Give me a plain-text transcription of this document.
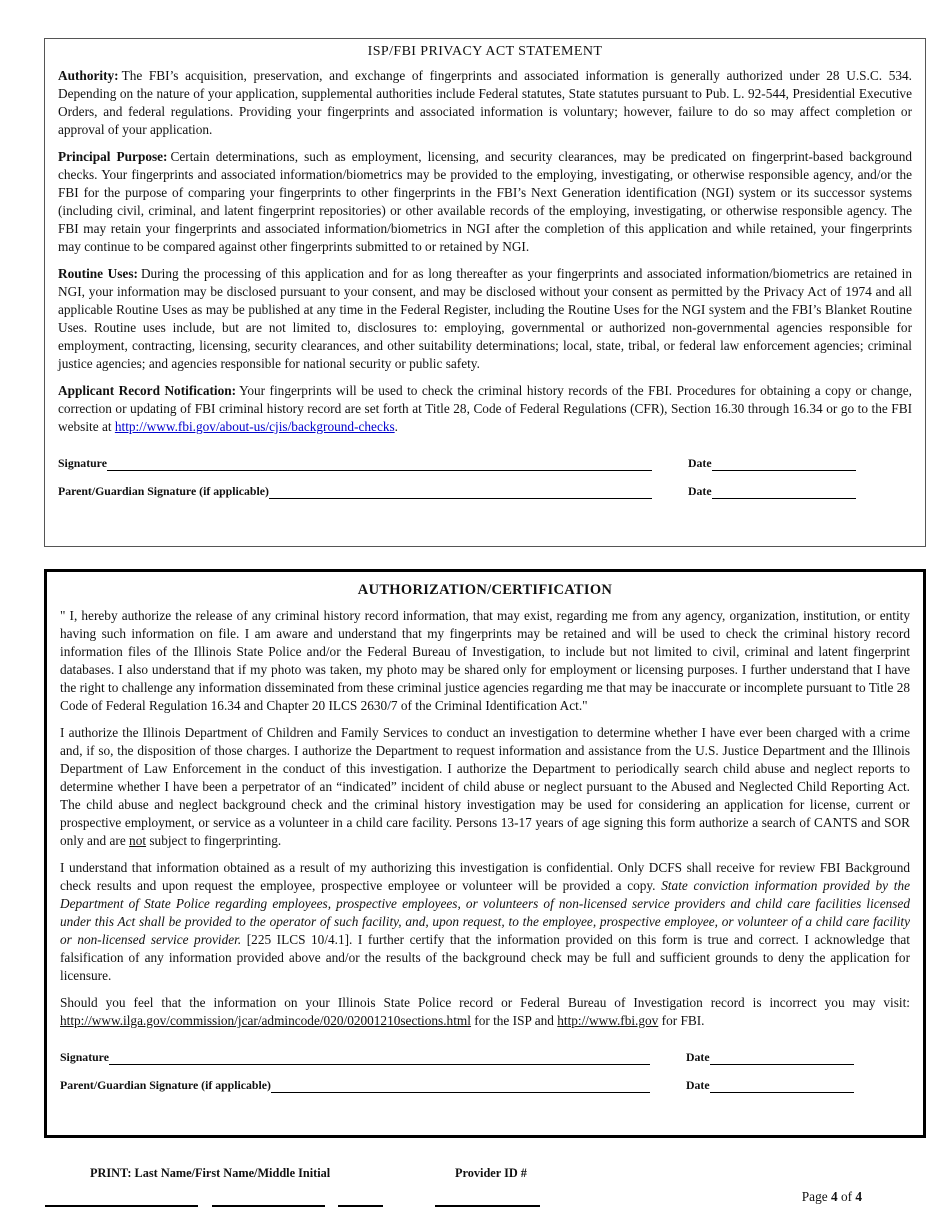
ISP/FBI PRIVACY ACT STATEMENT

Authority: The FBI’s acquisition, preservation, and exchange of fingerprints and associated information is generally authorized under 28 U.S.C. 534. Depending on the nature of your application, supplemental authorities include Federal statutes, State statutes pursuant to Pub. L. 92-544, Presidential Executive Orders, and federal regulations. Providing your fingerprints and associated information is voluntary; however, failure to do so may affect completion or approval of your application.

Principal Purpose: Certain determinations, such as employment, licensing, and security clearances, may be predicated on fingerprint-based background checks. Your fingerprints and associated information/biometrics may be provided to the employing, investigating, or otherwise responsible agency, and/or the FBI for the purpose of comparing your fingerprints to other fingerprints in the FBI’s Next Generation identification (NGI) system or its successor systems (including civil, criminal, and latent fingerprint repositories) or other available records of the employing, investigating, or otherwise responsible agency. The FBI may retain your fingerprints and associated information/biometrics in NGI after the completion of this application and while retained, your fingerprints may continue to be compared against other fingerprints submitted to or retained by NGI.

Routine Uses: During the processing of this application and for as long thereafter as your fingerprints and associated information/biometrics are retained in NGI, your information may be disclosed pursuant to your consent, and may be disclosed without your consent as permitted by the Privacy Act of 1974 and all applicable Routine Uses as may be published at any time in the Federal Register, including the Routine Uses for the NGI system and the FBI’s Blanket Routine Uses. Routine uses include, but are not limited to, disclosures to: employing, governmental or authorized non-governmental agencies responsible for employment, contracting, licensing, security clearances, and other suitability determinations; local, state, tribal, or federal law enforcement agencies; criminal justice agencies; and agencies responsible for national security or public safety.

Applicant Record Notification: Your fingerprints will be used to check the criminal history records of the FBI. Procedures for obtaining a copy or change, correction or updating of FBI criminal history record are set forth at Title 28, Code of Federal Regulations (CFR), Section 16.30 through 16.34 or go to the FBI website at http://www.fbi.gov/about-us/cjis/background-checks.

Signature	Date
Parent/Guardian Signature (if applicable)	Date
AUTHORIZATION/CERTIFICATION

" I, hereby authorize the release of any criminal history record information, that may exist, regarding me from any agency, organization, institution, or entity having such information on file. I am aware and understand that my fingerprints may be retained and will be used to check the criminal history record information files of the Illinois State Police and/or the Federal Bureau of Investigation, to include but not limited to civil, criminal and latent fingerprint databases. I also understand that if my photo was taken, my photo may be shared only for employment or licensing purposes. I further understand that I have the right to challenge any information disseminated from these criminal justice agencies regarding me that may be inaccurate or incomplete pursuant to Title 28 Code of Federal Regulation 16.34 and Chapter 20 ILCS 2630/7 of the Criminal Identification Act."

I authorize the Illinois Department of Children and Family Services to conduct an investigation to determine whether I have ever been charged with a crime and, if so, the disposition of those charges. I authorize the Department to request information and assistance from the U.S. Justice Department and the Illinois Department of Law Enforcement in the conduct of this investigation. I authorize the Department to periodically search child abuse and neglect reports to determine whether I have been a perpetrator of an “indicated” incident of child abuse or neglect pursuant to the Abused and Neglected Child Reporting Act. The child abuse and neglect background check and the criminal history investigation may be used for considering an application for license, current or prospective employment, or service as a volunteer in a child care facility. Persons 13-17 years of age signing this form authorize a search of CANTS and SOR only and are not subject to fingerprinting.

I understand that information obtained as a result of my authorizing this investigation is confidential. Only DCFS shall receive for review FBI Background check results and upon request the employee, prospective employee or volunteer will be provided a copy. State conviction information provided by the Department of State Police regarding employees, prospective employees, or volunteers of non-licensed service providers and child care facilities licensed under this Act shall be provided to the operator of such facility, and, upon request, to the employee, prospective employee, or volunteer of a child care facility or non-licensed service provider. [225 ILCS 10/4.1]. I further certify that the information provided on this form is true and correct. I acknowledge that falsification of any information provided above and/or the results of the background check may be full and sufficient grounds to deny the application for licensure.

Should you feel that the information on your Illinois State Police record or Federal Bureau of Investigation record is incorrect you may visit: http://www.ilga.gov/commission/jcar/admincode/020/02001210sections.html for the ISP and http://www.fbi.gov for FBI.

Signature	Date
Parent/Guardian Signature (if applicable)	Date
PRINT: Last Name/First Name/Middle Initial	Provider ID #
Page 4 of 4
